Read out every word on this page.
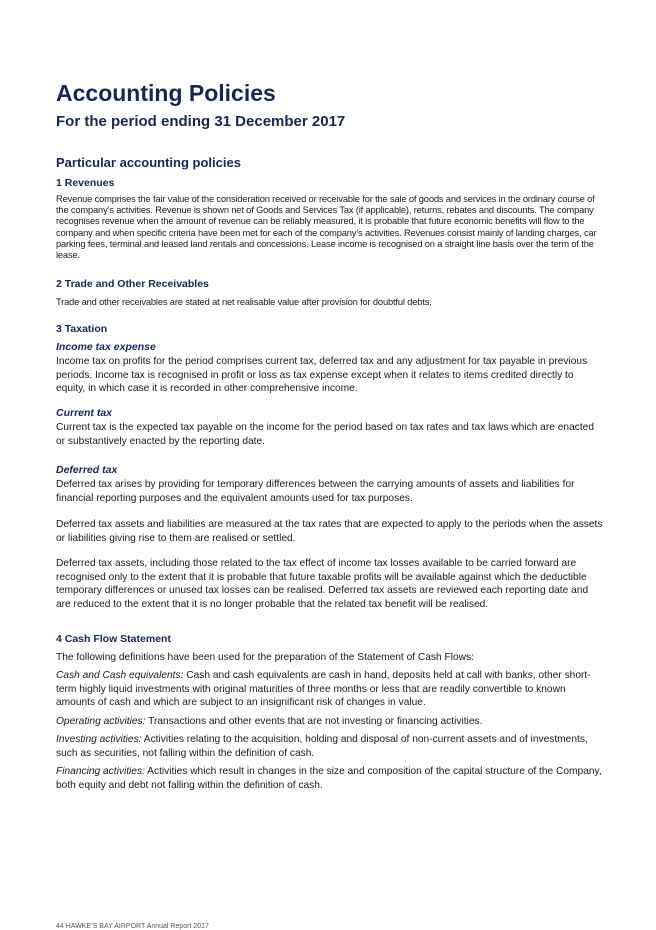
Accounting Policies
For the period ending 31 December 2017
Particular accounting policies
1 Revenues

Revenue comprises the fair value of the consideration received or receivable for the sale of goods and services in the ordinary course of the company’s activities. Revenue is shown net of Goods and Services Tax (if applicable), returns, rebates and discounts. The company recognises revenue when the amount of revenue can be reliably measured, it is probable that future economic benefits will flow to the company and when specific criteria have been met for each of the company’s activities. Revenues consist mainly of landing charges, car parking fees, terminal and leased land rentals and concessions. Lease income is recognised on a straight line basis over the term of the lease.

2 Trade and Other Receivables

Trade and other receivables are stated at net realisable value after provision for doubtful debts.

3 Taxation
Income tax expense

Income tax on profits for the period comprises current tax, deferred tax and any adjustment for tax payable in previous periods. Income tax is recognised in profit or loss as tax expense except when it relates to items credited directly to equity, in which case it is recorded in other comprehensive income.

Current tax

Current tax is the expected tax payable on the income for the period based on tax rates and tax laws which are enacted or substantively enacted by the reporting date.

Deferred tax

Deferred tax arises by providing for temporary differences between the carrying amounts of assets and liabilities for financial reporting purposes and the equivalent amounts used for tax purposes.

Deferred tax assets and liabilities are measured at the tax rates that are expected to apply to the periods when the assets or liabilities giving rise to them are realised or settled.

Deferred tax assets, including those related to the tax effect of income tax losses available to be carried forward are recognised only to the extent that it is probable that future taxable profits will be available against which the deductible temporary differences or unused tax losses can be realised. Deferred tax assets are reviewed each reporting date and are reduced to the extent that it is no longer probable that the related tax benefit will be realised.

4 Cash Flow Statement

The following definitions have been used for the preparation of the Statement of Cash Flows:

Cash and Cash equivalents: Cash and cash equivalents are cash in hand, deposits held at call with banks, other short-term highly liquid investments with original maturities of three months or less that are readily convertible to known amounts of cash and which are subject to an insignificant risk of changes in value.

Operating activities: Transactions and other events that are not investing or financing activities.

Investing activities: Activities relating to the acquisition, holding and disposal of non-current assets and of investments, such as securities, not falling within the definition of cash.

Financing activities: Activities which result in changes in the size and composition of the capital structure of the Company, both equity and debt not falling within the definition of cash.

44 HAWKE’S BAY AIRPORT Annual Report 2017
